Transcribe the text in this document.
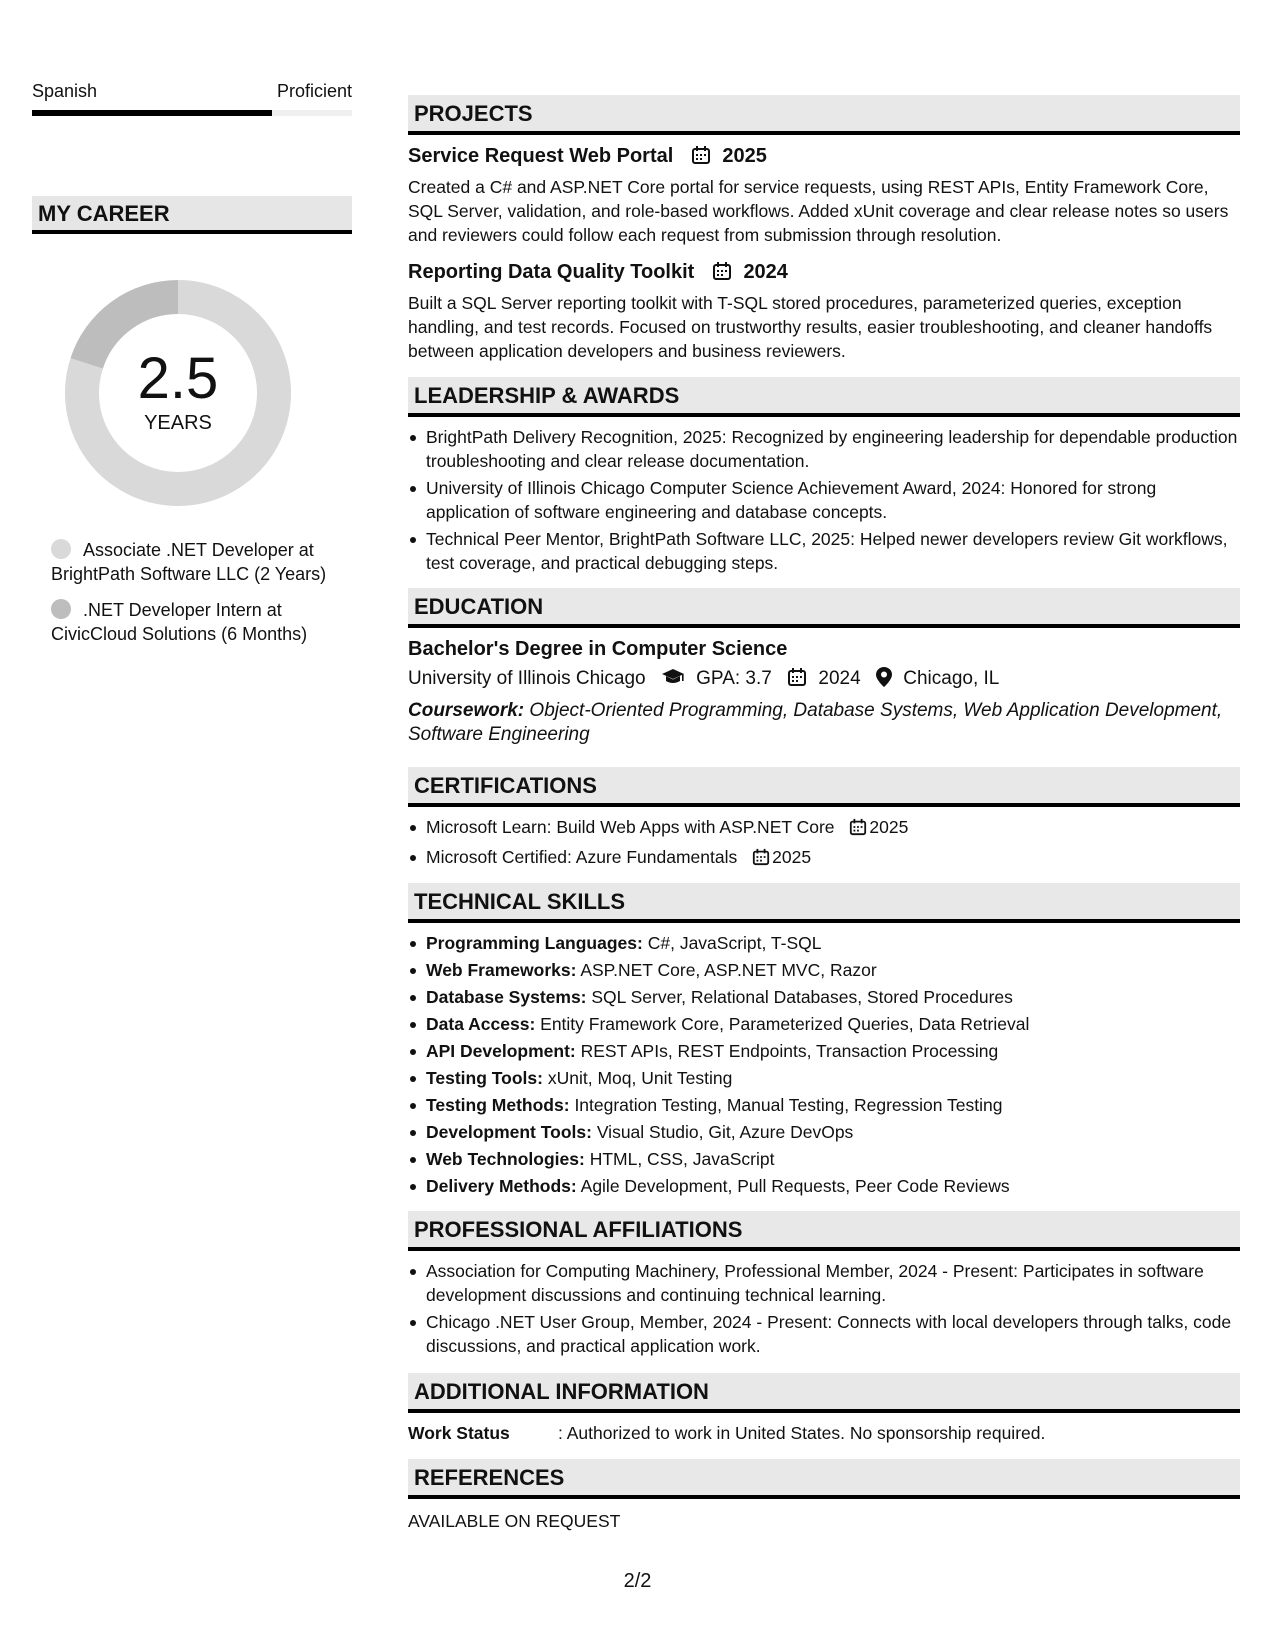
Spanish	Proficient
MY CAREER
2.5
YEARS
Associate .NET Developer at BrightPath Software LLC (2 Years)
.NET Developer Intern at CivicCloud Solutions (6 Months)
PROJECTS
Service Request Web Portal 2025
Created a C# and ASP.NET Core portal for service requests, using REST APIs, Entity Framework Core, SQL Server, validation, and role-based workflows. Added xUnit coverage and clear release notes so users and reviewers could follow each request from submission through resolution.
Reporting Data Quality Toolkit 2024
Built a SQL Server reporting toolkit with T-SQL stored procedures, parameterized queries, exception handling, and test records. Focused on trustworthy results, easier troubleshooting, and cleaner handoffs between application developers and business reviewers.
LEADERSHIP & AWARDS
BrightPath Delivery Recognition, 2025: Recognized by engineering leadership for dependable production troubleshooting and clear release documentation.
University of Illinois Chicago Computer Science Achievement Award, 2024: Honored for strong application of software engineering and database concepts.
Technical Peer Mentor, BrightPath Software LLC, 2025: Helped newer developers review Git workflows, test coverage, and practical debugging steps.
EDUCATION
Bachelor's Degree in Computer Science
University of Illinois Chicago	GPA: 3.7 2024 Chicago, IL
Coursework: Object-Oriented Programming, Database Systems, Web Application Development, Software Engineering
CERTIFICATIONS
Microsoft Learn: Build Web Apps with ASP.NET Core 2025
Microsoft Certified: Azure Fundamentals 2025
TECHNICAL SKILLS
Programming Languages: C#, JavaScript, T-SQL
Web Frameworks: ASP.NET Core, ASP.NET MVC, Razor
Database Systems: SQL Server, Relational Databases, Stored Procedures
Data Access: Entity Framework Core, Parameterized Queries, Data Retrieval
API Development: REST APIs, REST Endpoints, Transaction Processing
Testing Tools: xUnit, Moq, Unit Testing
Testing Methods: Integration Testing, Manual Testing, Regression Testing
Development Tools: Visual Studio, Git, Azure DevOps
Web Technologies: HTML, CSS, JavaScript
Delivery Methods: Agile Development, Pull Requests, Peer Code Reviews
PROFESSIONAL AFFILIATIONS
Association for Computing Machinery, Professional Member, 2024 - Present: Participates in software development discussions and continuing technical learning.
Chicago .NET User Group, Member, 2024 - Present: Connects with local developers through talks, code discussions, and practical application work.
ADDITIONAL INFORMATION
Work Status	: Authorized to work in United States. No sponsorship required.
REFERENCES
AVAILABLE ON REQUEST
2/2
